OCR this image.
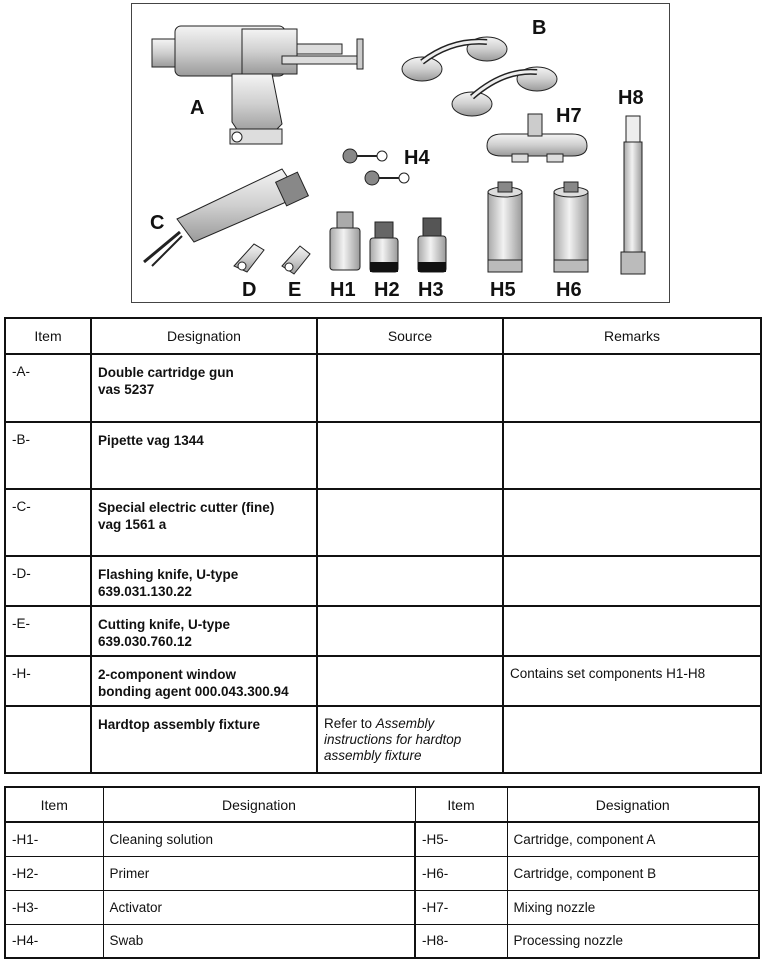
A
B
C
D E H1 H2 H3
H4
H5 H6
H7
H8
Item	Designation	Source	Remarks
-A-	Double cartridge gun
vas 5237		

-B-	Pipette vag 1344		

-C-	Special electric cutter (fine)
vag 1561 a		

-D-	Flashing knife, U-type
639.031.130.22		

-E-	Cutting knife, U-type
639.030.760.12		

-H-	2-component window
bonding agent 000.043.300.94		Contains set components H1-H8

	Hardtop assembly fixture	Refer to Assembly instructions for hardtop assembly fixture	
Item	Designation	Item	Designation
-H1-	Cleaning solution	-H5-	Cartridge, component A
-H2-	Primer	-H6-	Cartridge, component B
-H3-	Activator	-H7-	Mixing nozzle
-H4-	Swab	-H8-	Processing nozzle
